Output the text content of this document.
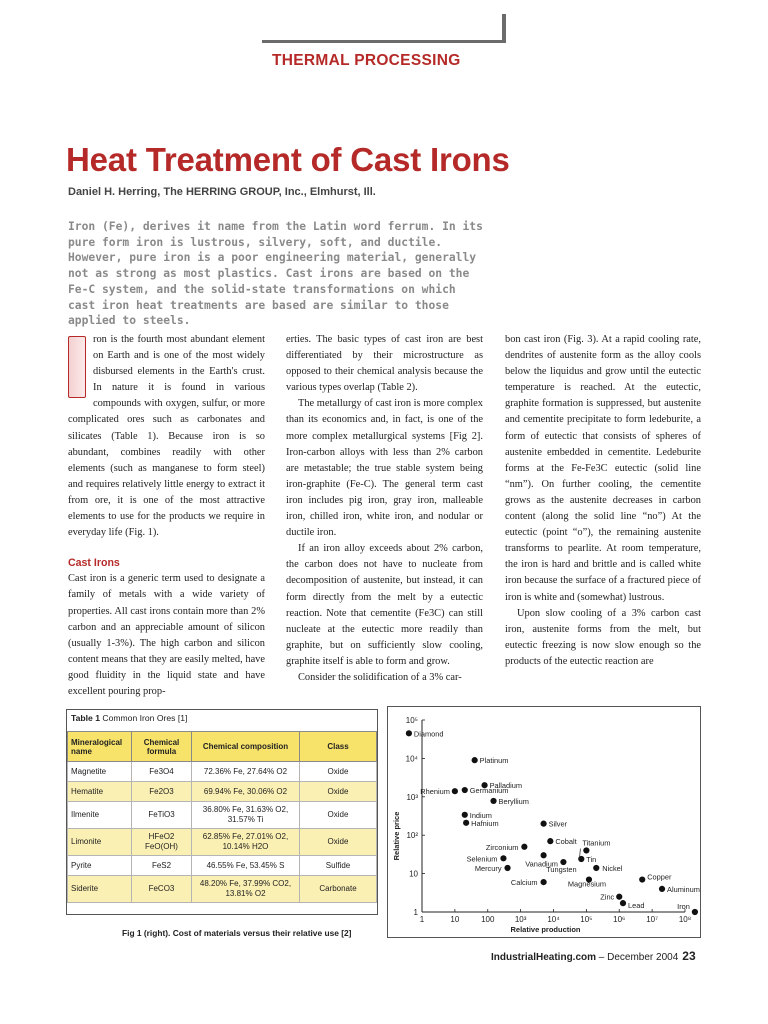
THERMAL PROCESSING
Heat Treatment of Cast Irons
Daniel H. Herring, The HERRING GROUP, Inc., Elmhurst, Ill.
Iron (Fe), derives it name from the Latin word ferrum. In its pure form iron is lustrous, silvery, soft, and ductile. However, pure iron is a poor engineering material, generally not as strong as most plastics. Cast irons are based on the Fe-C system, and the solid-state transformations on which cast iron heat treatments are based are similar to those applied to steels.

ron is the fourth most abundant element on Earth and is one of the most widely disbursed elements in the Earth's crust. In nature it is found in various compounds with oxygen, sulfur, or more complicated ores such as carbonates and silicates (Table 1). Because iron is so abundant, combines readily with other elements (such as manganese to form steel) and requires relatively little energy to extract it from ore, it is one of the most attractive elements to use for the products we require in everyday life (Fig. 1).

Cast Irons

Cast iron is a generic term used to designate a family of metals with a wide variety of properties. All cast irons contain more than 2% carbon and an appreciable amount of silicon (usually 1-3%). The high carbon and silicon content means that they are easily melted, have good fluidity in the liquid state and have excellent pouring prop-

erties. The basic types of cast iron are best differentiated by their microstructure as opposed to their chemical analysis because the various types overlap (Table 2).

The metallurgy of cast iron is more complex than its economics and, in fact, is one of the more complex metallurgical systems [Fig 2]. Iron-carbon alloys with less than 2% carbon are metastable; the true stable system being iron-graphite (Fe-C). The general term cast iron includes pig iron, gray iron, malleable iron, chilled iron, white iron, and nodular or ductile iron.

If an iron alloy exceeds about 2% carbon, the carbon does not have to nucleate from decomposition of austenite, but instead, it can form directly from the melt by a eutectic reaction. Note that cementite (Fe3C) can still nucleate at the eutectic more readily than graphite, but on sufficiently slow cooling, graphite itself is able to form and grow.

Consider the solidification of a 3% car-

bon cast iron (Fig. 3). At a rapid cooling rate, dendrites of austenite form as the alloy cools below the liquidus and grow until the eutectic temperature is reached. At the eutectic, graphite formation is suppressed, but austenite and cementite precipitate to form ledeburite, a form of eutectic that consists of spheres of austenite embedded in cementite. Ledeburite forms at the Fe-Fe3C eutectic (solid line “nm”). On further cooling, the cementite grows as the austenite decreases in carbon content (along the solid line “no”) At the eutectic (point “o”), the remaining austenite transforms to pearlite. At room temperature, the iron is hard and brittle and is called white iron because the surface of a fractured piece of iron is white and (somewhat) lustrous.

Upon slow cooling of a 3% carbon cast iron, austenite forms from the melt, but eutectic freezing is now slow enough so the products of the eutectic reaction are

Table 1 Common Iron Ores [1]
Mineralogical name	Chemical formula	Chemical composition	Class
Magnetite	Fe3O4	72.36% Fe, 27.64% O2	Oxide
Hematite	Fe2O3	69.94% Fe, 30.06% O2	Oxide
Ilmenite	FeTiO3	36.80% Fe, 31.63% O2, 31.57% Ti	Oxide
Limonite	HFeO2 FeO(OH)	62.85% Fe, 27.01% O2, 10.14% H2O	Oxide
Pyrite	FeS2	46.55% Fe, 53.45% S	Sulfide
Siderite	FeCO3	48.20% Fe, 37.99% CO2, 13.81% O2	Carbonate
Fig 1 (right). Cost of materials versus their relative use [2]
1	10	100	10³	10⁴	10⁵	10⁶	10⁷	10⁸
1
10
10²
10³
10⁴
10⁵
Relative production
Relative price
Diamond
Platinum
Palladium
Germanium
Rhenium
Beryllium
Indium
Hafnium	Silver
Cobalt
Zirconium
Vanadium
Titanium
Tin
Selenium
Tungsten	Nickel
Mercury
Calcium	Magnesium
Copper
Aluminum
Zinc
Lead	Iron
IndustrialHeating.com – December 2004 23
